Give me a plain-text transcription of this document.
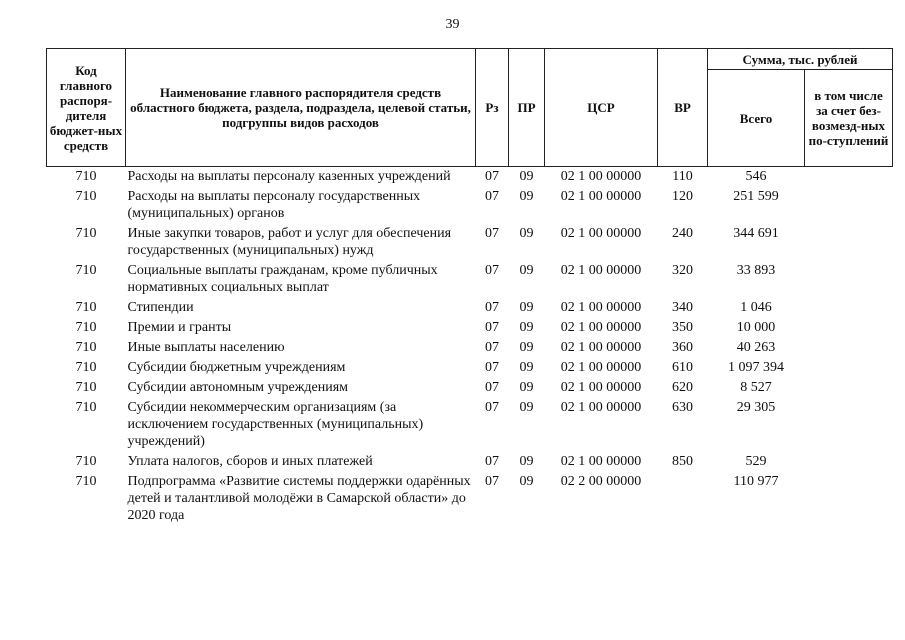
39
Код главного распоря-дителя бюджет-ных средств	Наименование главного распорядителя средств областного бюджета, раздела, подраздела, целевой статьи, подгруппы видов расходов	Рз	ПР	ЦСР	ВР	Сумма, тыс. рублей	
						Всего	в том числе за счет без-возмезд-ных по-ступлений
710	Расходы на выплаты персоналу казенных учреждений	07	09	02 1 00 00000	110	546	
710	Расходы на выплаты персоналу государственных (муниципальных) органов	07	09	02 1 00 00000	120	251 599	
710	Иные закупки товаров, работ и услуг для обеспечения государственных (муниципальных) нужд	07	09	02 1 00 00000	240	344 691	
710	Социальные выплаты гражданам, кроме публичных нормативных социальных выплат	07	09	02 1 00 00000	320	33 893	
710	Стипендии	07	09	02 1 00 00000	340	1 046	
710	Премии и гранты	07	09	02 1 00 00000	350	10 000	
710	Иные выплаты населению	07	09	02 1 00 00000	360	40 263	
710	Субсидии бюджетным учреждениям	07	09	02 1 00 00000	610	1 097 394	
710	Субсидии автономным учреждениям	07	09	02 1 00 00000	620	8 527	
710	Субсидии некоммерческим организациям (за исключением государственных (муниципальных) учреждений)	07	09	02 1 00 00000	630	29 305	
710	Уплата налогов, сборов и иных платежей	07	09	02 1 00 00000	850	529	
710	Подпрограмма «Развитие системы поддержки одарённых детей и талантливой молодёжи в Самарской области» до 2020 года	07	09	02 2 00 00000		110 977	
